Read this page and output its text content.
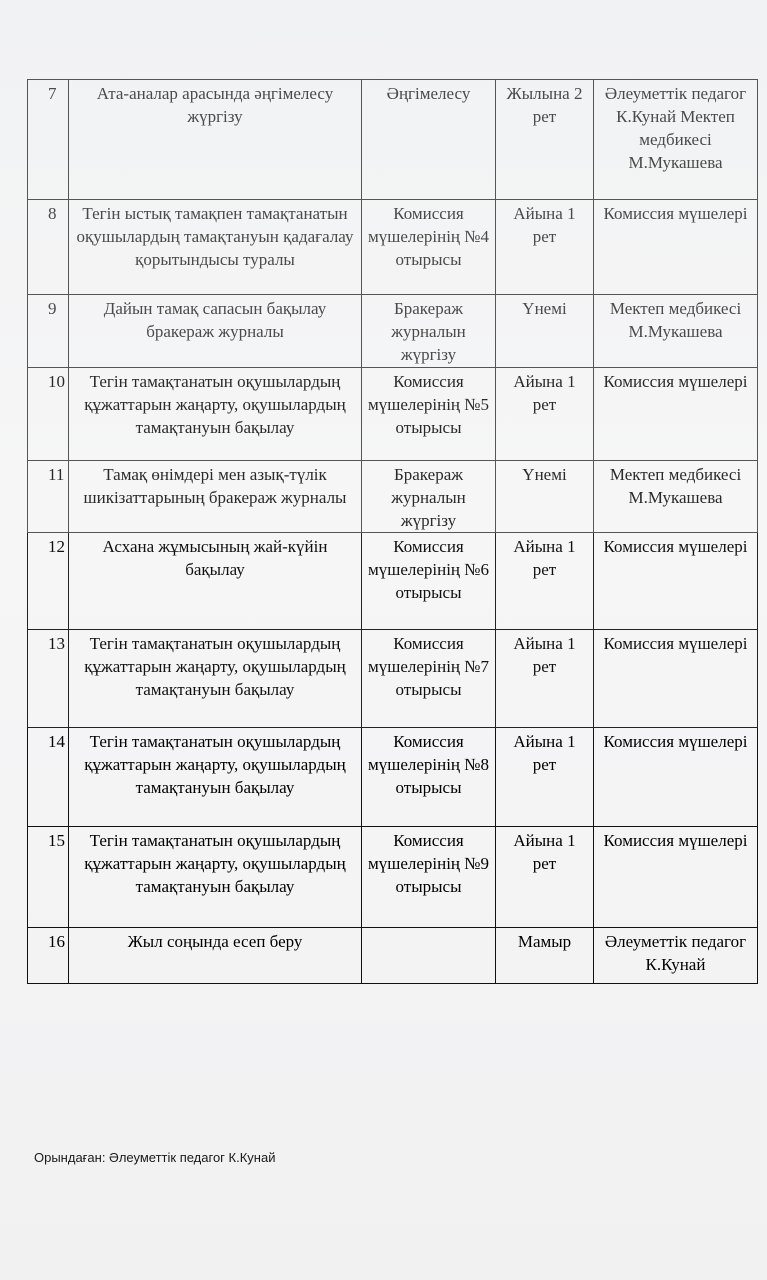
7	Ата-аналар арасында әңгімелесу жүргізу	Әңгімелесу	Жылына 2 рет	Әлеуметтік педагог К.Кунай Мектеп медбикесі М.Мукашева
8	Тегін ыстық тамақпен тамақтанатын оқушылардың тамақтануын қадағалау қорытындысы туралы	Комиссия мүшелерінің №4 отырысы	Айына 1 рет	Комиссия мүшелері
9	Дайын тамақ сапасын бақылау бракераж журналы	Бракераж журналын жүргізу	Үнемі	Мектеп медбикесі М.Мукашева
10	Тегін тамақтанатын оқушылардың құжаттарын жаңарту, оқушылардың тамақтануын бақылау	Комиссия мүшелерінің №5 отырысы	Айына 1 рет	Комиссия мүшелері
11	Тамақ өнімдері мен азық-түлік шикізаттарының бракераж журналы	Бракераж журналын жүргізу	Үнемі	Мектеп медбикесі М.Мукашева
12	Асхана жұмысының жай-күйін бақылау	Комиссия мүшелерінің №6 отырысы	Айына 1 рет	Комиссия мүшелері
13	Тегін тамақтанатын оқушылардың құжаттарын жаңарту, оқушылардың тамақтануын бақылау	Комиссия мүшелерінің №7 отырысы	Айына 1 рет	Комиссия мүшелері
14	Тегін тамақтанатын оқушылардың құжаттарын жаңарту, оқушылардың тамақтануын бақылау	Комиссия мүшелерінің №8 отырысы	Айына 1 рет	Комиссия мүшелері
15	Тегін тамақтанатын оқушылардың құжаттарын жаңарту, оқушылардың тамақтануын бақылау	Комиссия мүшелерінің №9 отырысы	Айына 1 рет	Комиссия мүшелері
16	Жыл соңында есеп беру		Мамыр	Әлеуметтік педагог К.Кунай
Орындаған: Әлеуметтік педагог К.Кунай
